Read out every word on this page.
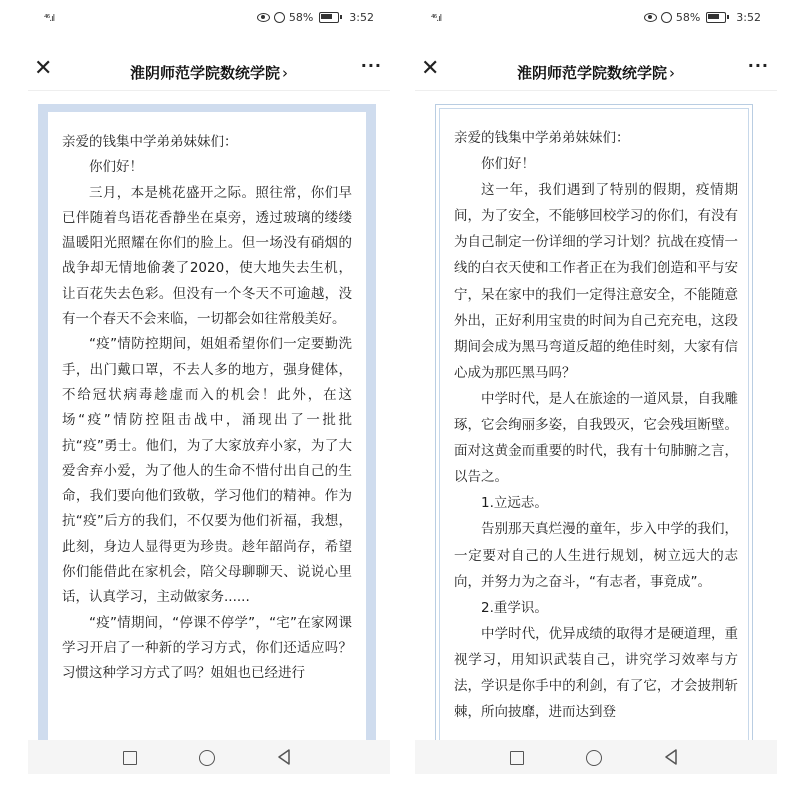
⁴⁶.ıl	58%	3:52
✕	淮阴师范学院数统学院 ›	···

亲爱的钱集中学弟弟妹妹们：

你们好！

三月，本是桃花盛开之际。照往常，你们早已伴随着鸟语花香静坐在桌旁，透过玻璃的缕缕温暖阳光照耀在你们的脸上。但一场没有硝烟的战争却无情地偷袭了2020，使大地失去生机，让百花失去色彩。但没有一个冬天不可逾越，没有一个春天不会来临，一切都会如往常般美好。

“疫”情防控期间，姐姐希望你们一定要勤洗手，出门戴口罩，不去人多的地方，强身健体，不给冠状病毒趁虚而入的机会！此外，在这场“疫”情防控阻击战中，涌现出了一批批抗“疫”勇士。他们，为了大家放弃小家，为了大爱舍弃小爱，为了他人的生命不惜付出自己的生命，我们要向他们致敬，学习他们的精神。作为抗“疫”后方的我们，不仅要为他们祈福，我想，此刻，身边人显得更为珍贵。趁年韶尚存，希望你们能借此在家机会，陪父母聊聊天、说说心里话，认真学习，主动做家务......

“疫”情期间，“停课不停学”，“宅”在家网课学习开启了一种新的学习方式，你们还适应吗？习惯这种学习方式了吗？姐姐也已经进行

⁴⁶.ıl	58%	3:52
✕	淮阴师范学院数统学院 ›	···

亲爱的钱集中学弟弟妹妹们：

你们好！

这一年，我们遇到了特别的假期，疫情期间，为了安全，不能够回校学习的你们，有没有为自己制定一份详细的学习计划？抗战在疫情一线的白衣天使和工作者正在为我们创造和平与安宁，呆在家中的我们一定得注意安全，不能随意外出，正好利用宝贵的时间为自己充充电，这段期间会成为黑马弯道反超的绝佳时刻，大家有信心成为那匹黑马吗？

中学时代，是人在旅途的一道风景，自我雕琢，它会绚丽多姿，自我毁灭，它会残垣断壁。面对这黄金而重要的时代，我有十句肺腑之言，以告之。

1.立远志。

告别那天真烂漫的童年，步入中学的我们，一定要对自己的人生进行规划，树立远大的志向，并努力为之奋斗，“有志者，事竟成”。

2.重学识。

中学时代，优异成绩的取得才是硬道理，重视学习，用知识武装自己，讲究学习效率与方法，学识是你手中的利剑，有了它，才会披荆斩棘，所向披靡，进而达到登
